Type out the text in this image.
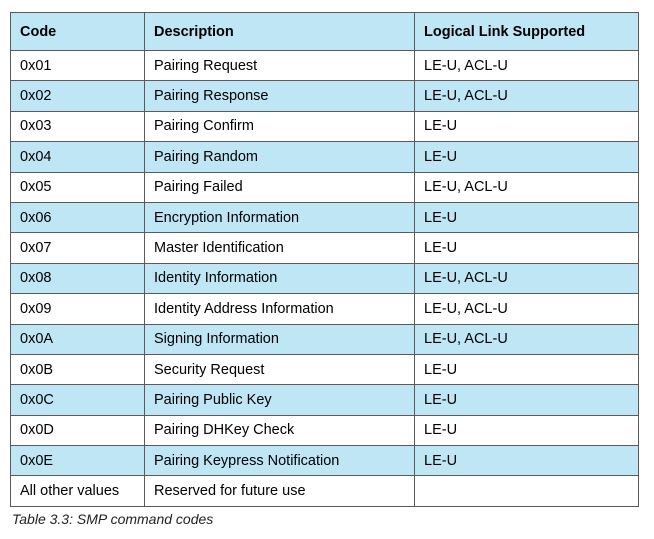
Code	Description	Logical Link Supported
0x01	Pairing Request	LE-U, ACL-U
0x02	Pairing Response	LE-U, ACL-U
0x03	Pairing Confirm	LE-U
0x04	Pairing Random	LE-U
0x05	Pairing Failed	LE-U, ACL-U
0x06	Encryption Information	LE-U
0x07	Master Identification	LE-U
0x08	Identity Information	LE-U, ACL-U
0x09	Identity Address Information	LE-U, ACL-U
0x0A	Signing Information	LE-U, ACL-U
0x0B	Security Request	LE-U
0x0C	Pairing Public Key	LE-U
0x0D	Pairing DHKey Check	LE-U
0x0E	Pairing Keypress Notification	LE-U
All other values	Reserved for future use	
Table 3.3: SMP command codes
